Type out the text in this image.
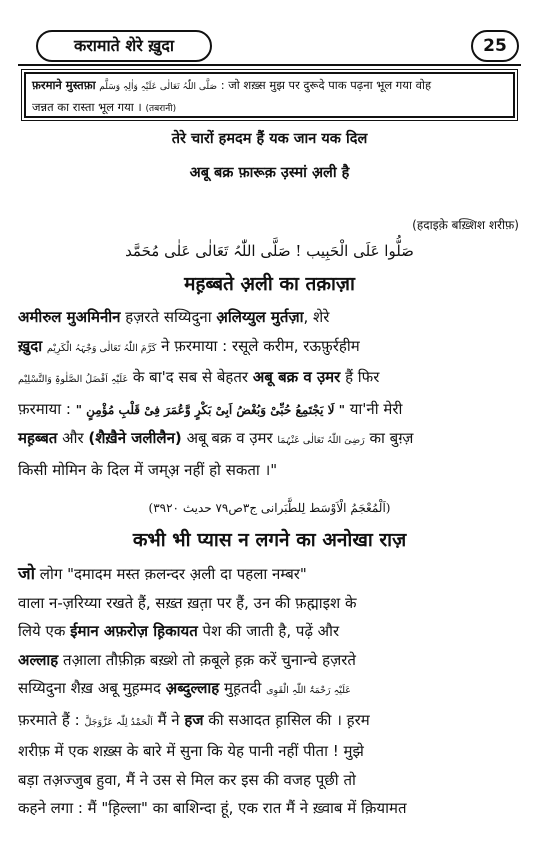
करामाते शेरे ख़ुदा	25
फ़रमाने मुस्तफ़ा صَلَّی اللّٰہُ تَعَالٰی عَلَیْہِ وَاٰلِہٖ وَسَلَّم : जो शख़्स मुझ पर दुरूदे पाक पढ़ना भूल गया वोह
जन्नत का रास्ता भूल गया । (तबरानी)
तेरे चारों हमदम हैं यक जान यक दिल
अबू बक्र फ़ारूक़ उ़स्मां अ़ली है
(हदाइके़ बख़्शिश शरीफ़)
صَلُّوا عَلَی الْحَبِیب ! صَلَّی اللّٰہُ تَعَالٰی عَلٰی مُحَمَّد
मह़ब्बते अ़ली का तक़ाज़ा
अमीरुल मुअमिनीन हज़रते सय्यिदुना अ़लिय्युल मुर्तज़ा, शेरे
ख़ुदा کَرَّمَ اللّٰہُ تَعَالٰی وَجْہَہُ الْکَرِیْم ने फ़रमाया : रसूले करीम, रऊफ़ुर्रहीम
عَلَیْہِ اَفْضَلُ الصَّلٰوۃِ وَالتَّسْلِیْم के बा'द सब से बेहतर अबू बक्र व उ़मर हैं फिर
फ़रमाया : " لَا یَجْتَمِعُ حُبِّیْ وَبُغْضُ اَبِیْ بَکْرٍ وَّعُمَرَ فِیْ قَلْبِ مُؤْمِنٍ " या'नी मेरी
मह़ब्बत और (शैख़ैने जलीलैन) अबू बक्र व उ़मर رَضِیَ اللّٰہُ تَعَالٰی عَنْہُمَا का बुग़्ज़
किसी मोमिन के दिल में जम्अ़ नहीं हो सकता ।"
(اَلْمُعْجَمُ الْاَوْسَط لِلطَّبَرانی ج۳ص۷۹ حدیث ۳۹۲۰)
कभी भी प्यास न लगने का अनोखा राज़
जो लोग "दमादम मस्त क़लन्दर अ़ली दा पहला नम्बर"
वाला न-ज़रिय्या रखते हैं, सख़्त ख़त़ा पर हैं, उन की फ़ह्माइश के
लिये एक ईमान अफ़रोज़ ह़िकायत पेश की जाती है, पढ़ें और
अल्लाह तआ़ला तौफ़ीक़ बख़्शे तो क़बूले ह़क़ करें चुनान्चे हज़रते
सय्यिदुना शैख़ अबू मुह़म्मद अ़ब्दुल्लाह मुह़तदी عَلَیْہِ رَحْمَۃُ اللّٰہِ الْقَوِی
फ़रमाते हैं : اَلْحَمْدُ لِلّٰہ عَزَّوَجَلَّ मैं ने हज की सआदत ह़ासिल की । ह़रम
शरीफ़ में एक शख़्स के बारे में सुना कि येह पानी नहीं पीता ! मुझे
बड़ा तअ़ज्जुब हुवा, मैं ने उस से मिल कर इस की वजह पूछी तो
कहने लगा : मैं "ह़िल्ला" का बाशिन्दा हूं, एक रात मैं ने ख़्वाब में क़ियामत
